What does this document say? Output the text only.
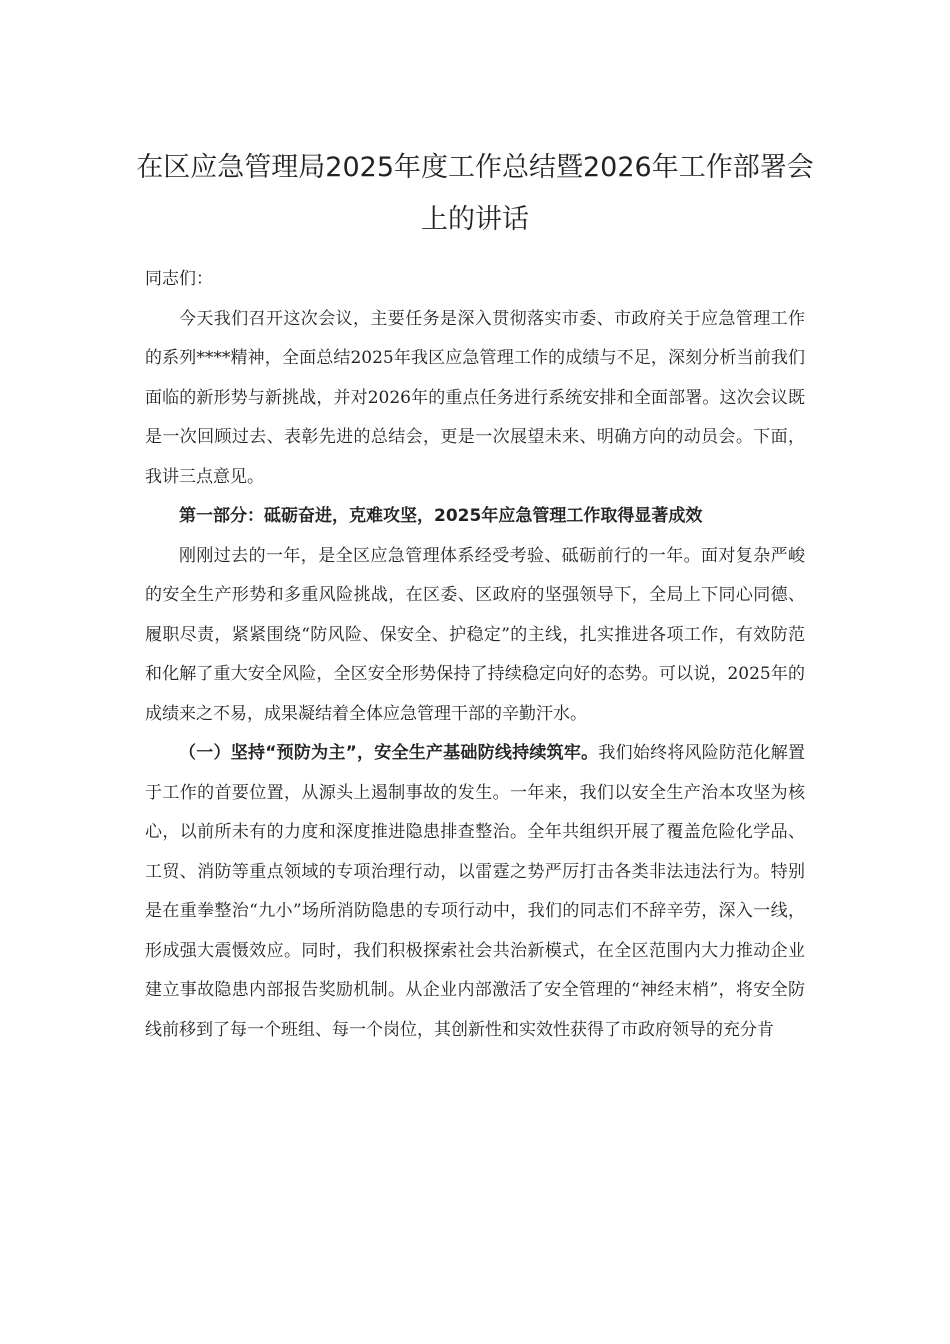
在区应急管理局2025年度工作总结暨2026年工作部署会上的讲话

同志们：

今天我们召开这次会议，主要任务是深入贯彻落实市委、市政府关于应急管理工作的系列****精神，全面总结2025年我区应急管理工作的成绩与不足，深刻分析当前我们面临的新形势与新挑战，并对2026年的重点任务进行系统安排和全面部署。这次会议既是一次回顾过去、表彰先进的总结会，更是一次展望未来、明确方向的动员会。下面，我讲三点意见。

第一部分：砥砺奋进，克难攻坚，2025年应急管理工作取得显著成效

刚刚过去的一年，是全区应急管理体系经受考验、砥砺前行的一年。面对复杂严峻的安全生产形势和多重风险挑战，在区委、区政府的坚强领导下，全局上下同心同德、履职尽责，紧紧围绕“防风险、保安全、护稳定”的主线，扎实推进各项工作，有效防范和化解了重大安全风险，全区安全形势保持了持续稳定向好的态势。可以说，2025年的成绩来之不易，成果凝结着全体应急管理干部的辛勤汗水。

（一）坚持“预防为主”，安全生产基础防线持续筑牢。我们始终将风险防范化解置于工作的首要位置，从源头上遏制事故的发生。一年来，我们以安全生产治本攻坚为核心，以前所未有的力度和深度推进隐患排查整治。全年共组织开展了覆盖危险化学品、工贸、消防等重点领域的专项治理行动，以雷霆之势严厉打击各类非法违法行为。特别是在重拳整治“九小”场所消防隐患的专项行动中，我们的同志们不辞辛劳，深入一线，形成强大震慑效应。同时，我们积极探索社会共治新模式，在全区范围内大力推动企业建立事故隐患内部报告奖励机制。从企业内部激活了安全管理的“神经末梢”，将安全防线前移到了每一个班组、每一个岗位，其创新性和实效性获得了市政府领导的充分肯
